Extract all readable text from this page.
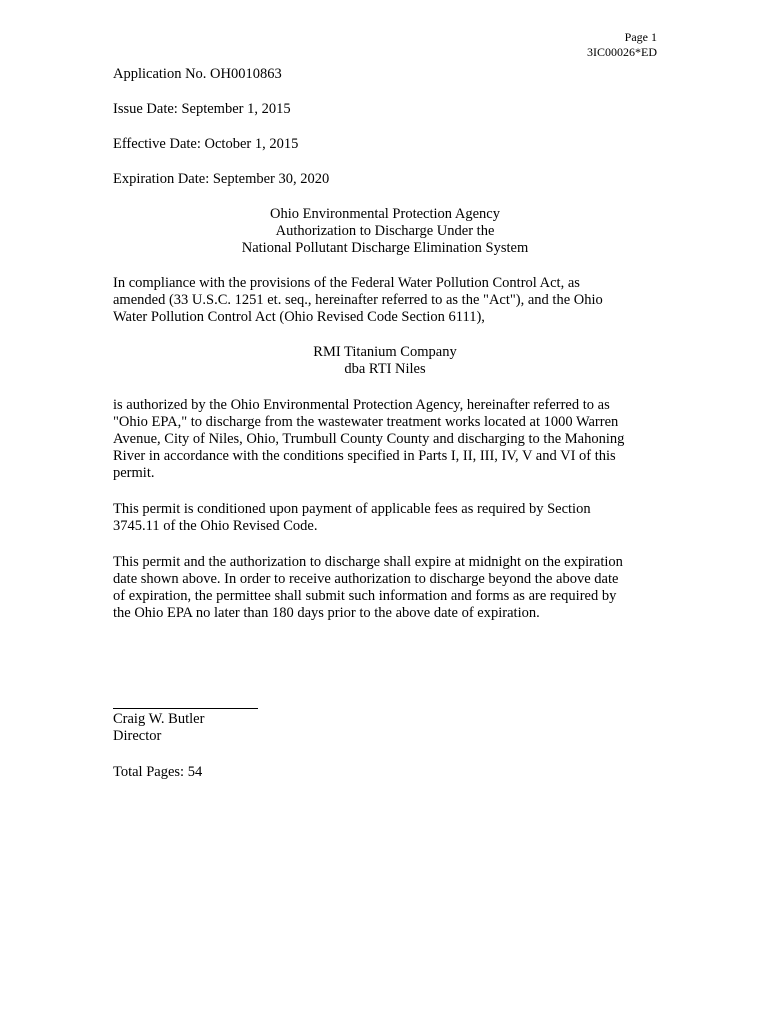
Page 1
3IC00026*ED
Application No. OH0010863
Issue Date: September 1, 2015
Effective Date: October 1, 2015
Expiration Date: September 30, 2020
Ohio Environmental Protection Agency
Authorization to Discharge Under the
National Pollutant Discharge Elimination System
In compliance with the provisions of the Federal Water Pollution Control Act, as
amended (33 U.S.C. 1251 et. seq., hereinafter referred to as the "Act"), and the Ohio
Water Pollution Control Act (Ohio Revised Code Section 6111),
RMI Titanium Company
dba RTI Niles
is authorized by the Ohio Environmental Protection Agency, hereinafter referred to as
"Ohio EPA," to discharge from the wastewater treatment works located at 1000 Warren
Avenue, City of Niles, Ohio, Trumbull County County and discharging to the Mahoning
River in accordance with the conditions specified in Parts I, II, III, IV, V and VI of this
permit.
This permit is conditioned upon payment of applicable fees as required by Section
3745.11 of the Ohio Revised Code.
This permit and the authorization to discharge shall expire at midnight on the expiration
date shown above. In order to receive authorization to discharge beyond the above date
of expiration, the permittee shall submit such information and forms as are required by
the Ohio EPA no later than 180 days prior to the above date of expiration.
Craig W. Butler
Director
Total Pages: 54
